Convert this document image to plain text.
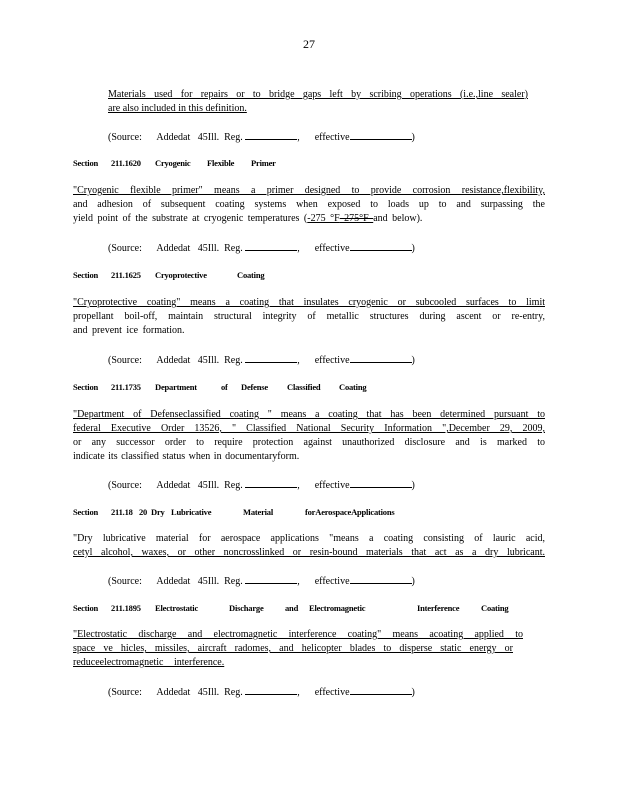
27
Materials used for repairs or to bridge gaps left by scribing operations (i.e.,line sealer)
are also included in this definition.
(Source: Addedat 45Ill. Reg.	, effective	)
Section 211.1620 Cryogenic Flexible Primer
"Cryogenic flexible primer" means a primer designed to provide corrosion resistance,flexibility,
and adhesion of subsequent coating systems when exposed to loads up to and surpassing the
yield point of the substrate at cryogenic temperatures (-275 °F 275°F and below).
(Source: Addedat 45Ill. Reg.	, effective	)
Section 211.1625 Cryoprotective	Coating
"Cryoprotective coating" means a coating that insulates cryogenic or subcooled surfaces to limit
propellant boil-off, maintain structural integrity of metallic structures during ascent or re-entry,
and prevent ice formation.
(Source: Addedat 45Ill. Reg.	, effective	)
Section 211.1735 Department	of Defense Classified Coating
"Department of Defenseclassified coating " means a coating that has been determined pursuant to
federal Executive Order 13526, " Classified National Security Information ",December 29, 2009,
or any successor order to require protection against unauthorized disclosure and is marked to
indicate its classified status when in documentaryform.
(Source: Addedat 45Ill. Reg.	, effective	)
Section 211.18 20 Dry Lubricative	Material	forAerospaceApplications
"Dry lubricative material for aerospace applications "means a coating consisting of lauric acid,
cetyl alcohol, waxes, or other noncrosslinked or resin-bound materials that act as a dry lubricant.
(Source: Addedat 45Ill. Reg.	, effective	)
Section 211.1895 Electrostatic	Discharge	and Electromagnetic	Interference	Coating
"Electrostatic discharge and electromagnetic interference coating" means acoating applied to
space ve hicles, missiles, aircraft radomes, and helicopter blades to disperse static energy or
reduceelectromagnetic interference.
(Source: Addedat 45Ill. Reg.	, effective	)
